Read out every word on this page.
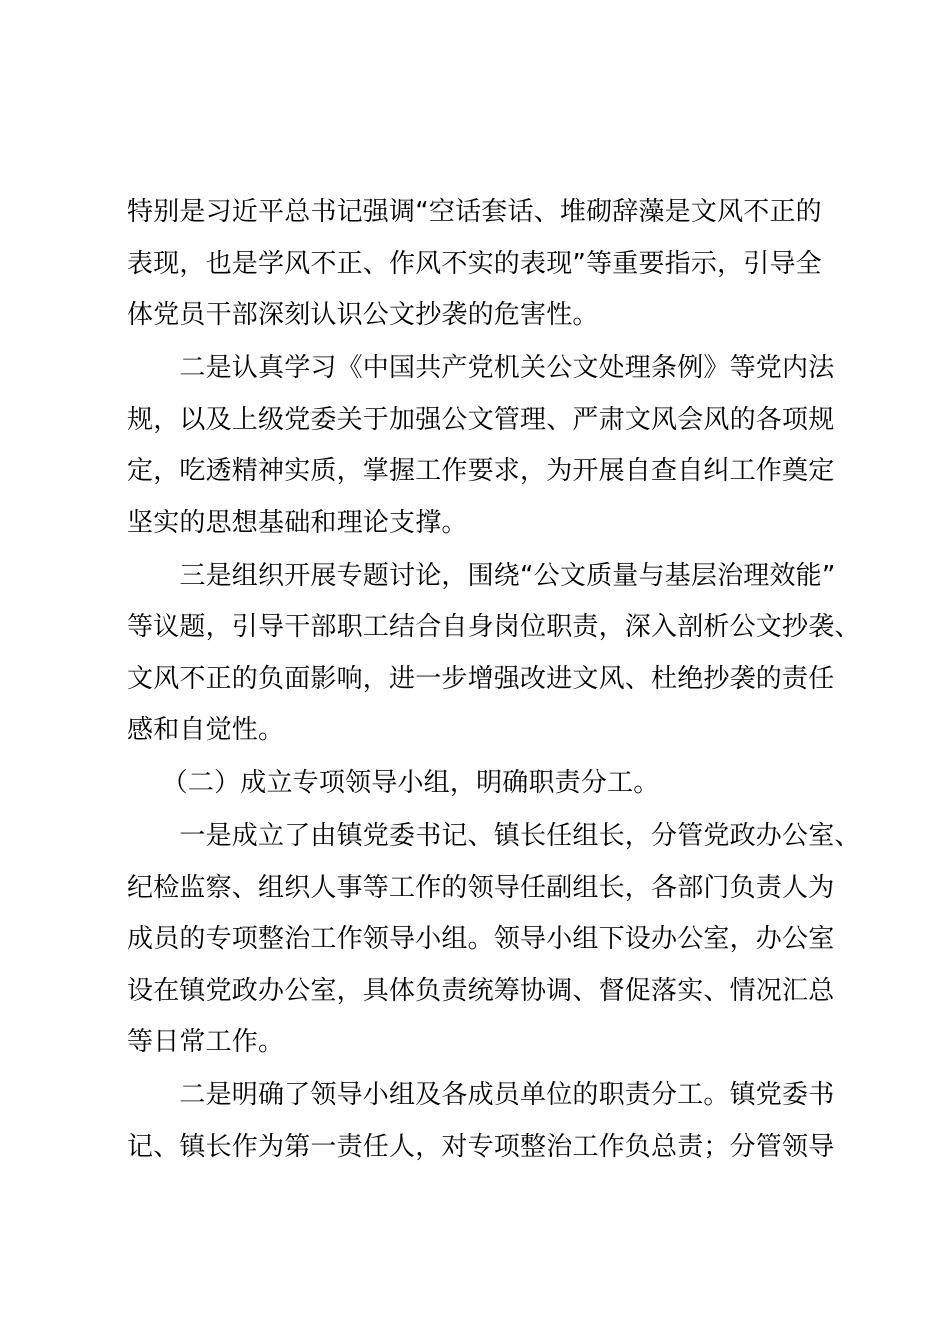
特别是习近平总书记强调“空话套话、堆砌辞藻是文风不正的
表现，也是学风不正、作风不实的表现”等重要指示，引导全
体党员干部深刻认识公文抄袭的危害性。

　　二是认真学习《中国共产党机关公文处理条例》等党内法
规，以及上级党委关于加强公文管理、严肃文风会风的各项规
定，吃透精神实质，掌握工作要求，为开展自查自纠工作奠定
坚实的思想基础和理论支撑。

　　三是组织开展专题讨论，围绕“公文质量与基层治理效能”
等议题，引导干部职工结合自身岗位职责，深入剖析公文抄袭、
文风不正的负面影响，进一步增强改进文风、杜绝抄袭的责任
感和自觉性。

　 （二）成立专项领导小组，明确职责分工。

　　一是成立了由镇党委书记、镇长任组长，分管党政办公室、
纪检监察、组织人事等工作的领导任副组长，各部门负责人为
成员的专项整治工作领导小组。领导小组下设办公室，办公室
设在镇党政办公室，具体负责统筹协调、督促落实、情况汇总
等日常工作。

　　二是明确了领导小组及各成员单位的职责分工。镇党委书
记、镇长作为第一责任人，对专项整治工作负总责；分管领导
